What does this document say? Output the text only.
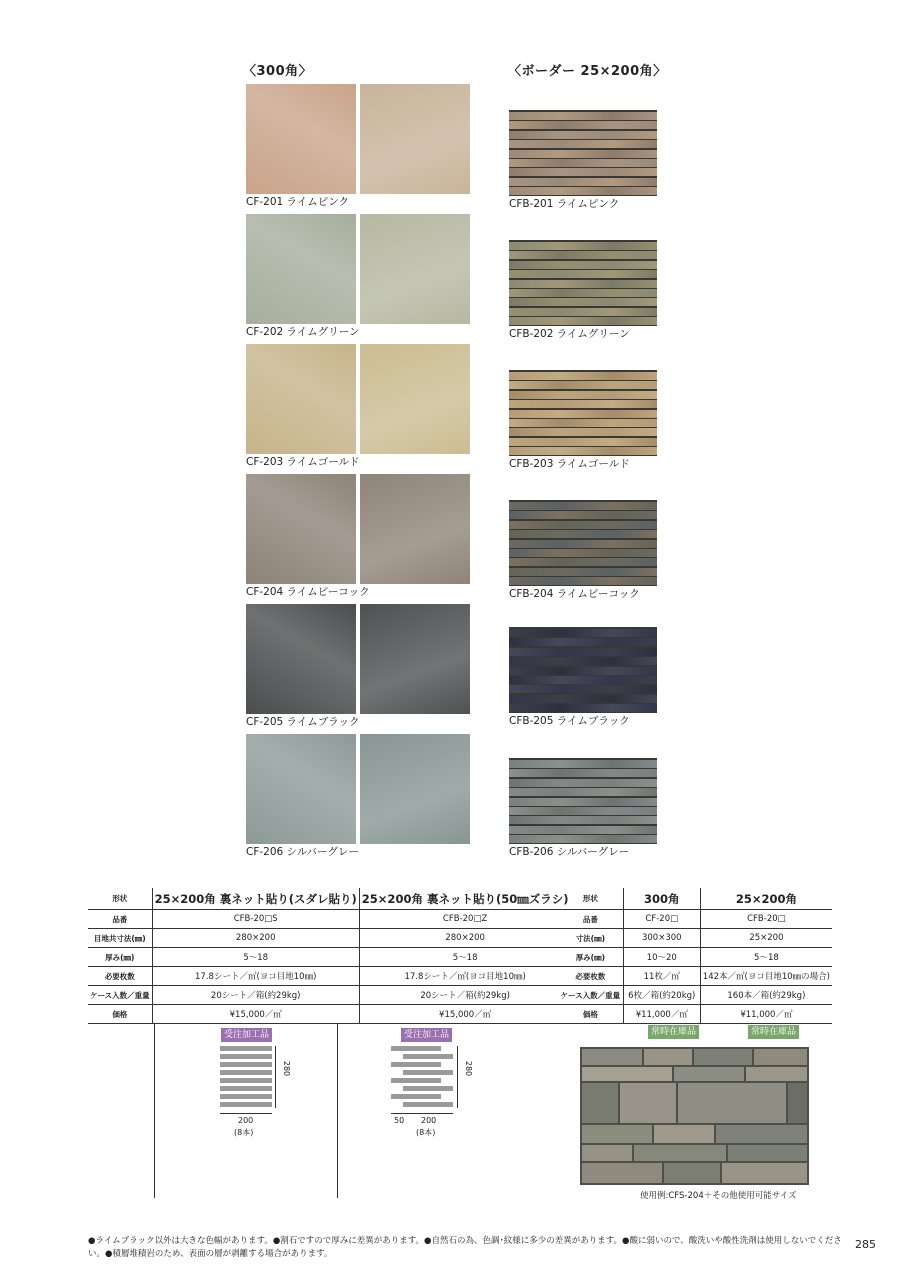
〈300角〉	〈ボーダー 25×200角〉
CF-201 ライムピンク
CF-202 ライムグリーン
CF-203 ライムゴールド
CF-204 ライムピーコック
CF-205 ライムブラック
CF-206 シルバーグレー
CFB-201 ライムピンク
CFB-202 ライムグリーン
CFB-203 ライムゴールド
CFB-204 ライムピーコック
CFB-205 ライムブラック
CFB-206 シルバーグレー
形状	25×200角 裏ネット貼り(スダレ貼り)	25×200角 裏ネット貼り(50㎜ズラシ)
品番	CFB-20□S	CFB-20□Z
目地共寸法(㎜)	280×200	280×200
厚み(㎜)	5～18	5～18
必要枚数	17.8シート／㎡(ヨコ目地10㎜)	17.8シート／㎡(ヨコ目地10㎜)
ケース入数／重量	20シート／箱(約29kg)	20シート／箱(約29kg)
価格	¥15,000／㎡	¥15,000／㎡
受注加工品	受注加工品
280
200
(8本)
280
50 200
(8本)
形状	300角	25×200角
品番	CF-20□	CFB-20□
寸法(㎜)	300×300	25×200
厚み(㎜)	10～20	5～18
必要枚数	11枚／㎡	142本／㎡(ヨコ目地10㎜の場合)
ケース入数／重量	6枚／箱(約20kg)	160本／箱(約29kg)
価格	¥11,000／㎡	¥11,000／㎡
常時在庫品	常時在庫品
使用例:CFS-204＋その他使用可能サイズ
●ライムブラック以外は大きな色幅があります。●割石ですので厚みに差異があります。●自然石の為、色調･紋様に多少の差異があります。●酸に弱いので、酸洗いや酸性洗剤は使用しないでくださ
い。●積層堆積岩のため、表面の層が剥離する場合があります。
285
